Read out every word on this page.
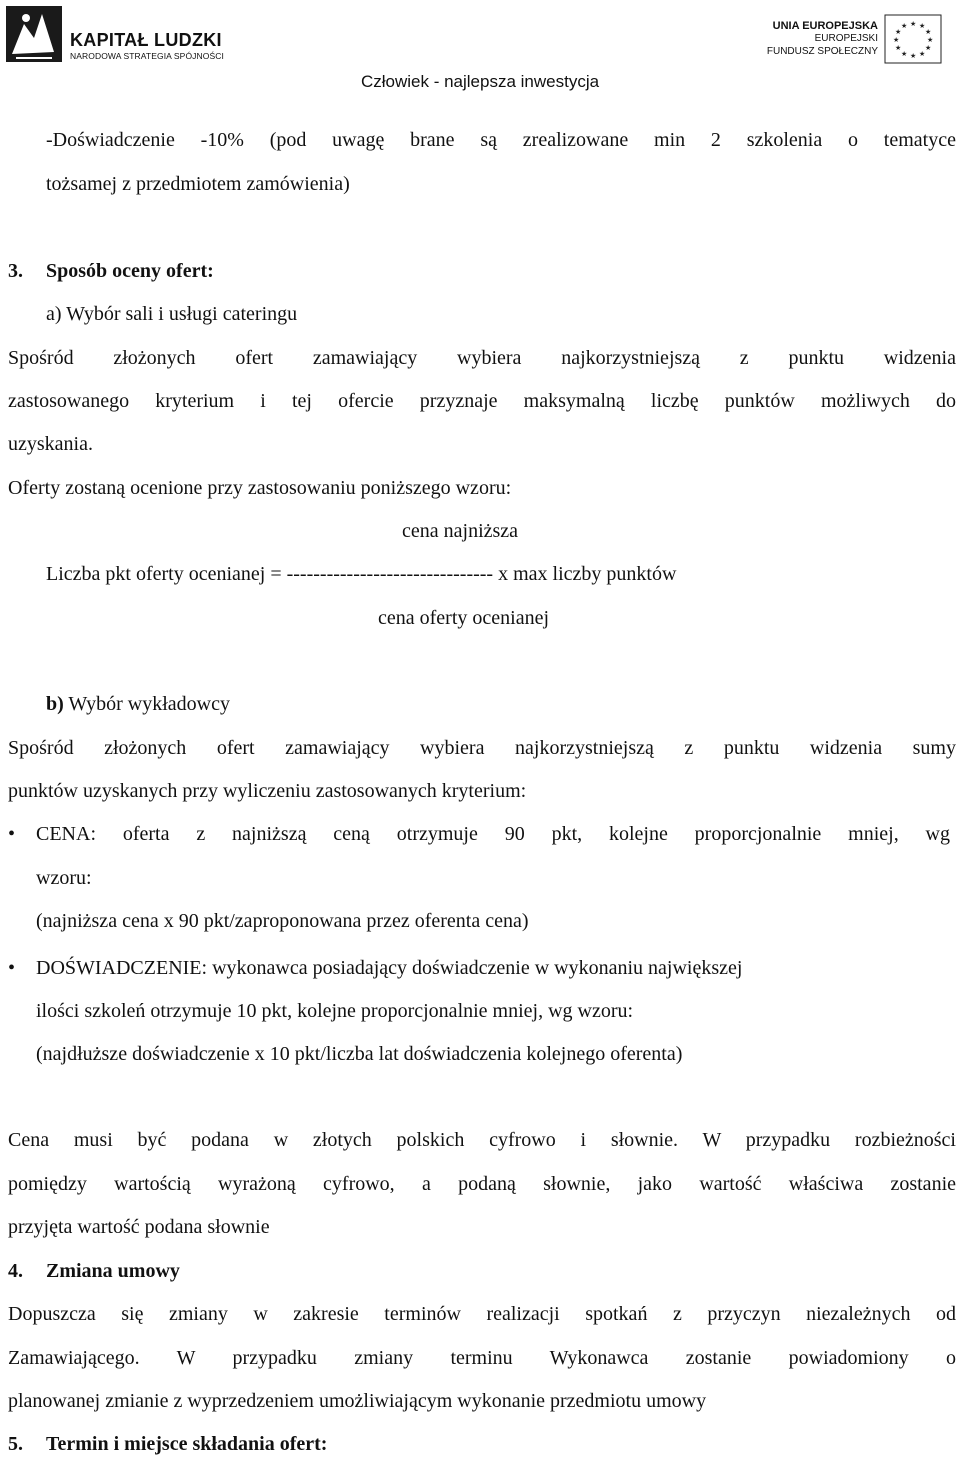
KAPITAŁ LUDZKI
NARODOWA STRATEGIA SPÓJNOŚCI
UNIA EUROPEJSKA
EUROPEJSKI
FUNDUSZ SPOŁECZNY
★ ★
★
★
★
★
★
★
★
★
★
★
Człowiek - najlepsza inwestycja
-Doświadczenie -10% (pod uwagę brane są zrealizowane min 2 szkolenia o tematyce
tożsamej z przedmiotem zamówienia)
3. Sposób oceny ofert:
a) Wybór sali i usługi cateringu
Spośród złożonych ofert zamawiający wybiera najkorzystniejszą z punktu widzenia
zastosowanego kryterium i tej ofercie przyznaje maksymalną liczbę punktów możliwych do
uzyskania.
Oferty zostaną ocenione przy zastosowaniu poniższego wzoru:
cena najniższa
Liczba pkt oferty ocenianej = ------------------------------- x max liczby punktów
cena oferty ocenianej
b) Wybór wykładowcy
Spośród złożonych ofert zamawiający wybiera najkorzystniejszą z punktu widzenia sumy
punktów uzyskanych przy wyliczeniu zastosowanych kryterium:
• CENA: oferta z najniższą ceną otrzymuje 90 pkt, kolejne proporcjonalnie mniej, wg
wzoru:
(najniższa cena x 90 pkt/zaproponowana przez oferenta cena)
• DOŚWIADCZENIE: wykonawca posiadający doświadczenie w wykonaniu największej
ilości szkoleń otrzymuje 10 pkt, kolejne proporcjonalnie mniej, wg wzoru:
(najdłuższe doświadczenie x 10 pkt/liczba lat doświadczenia kolejnego oferenta)
Cena musi być podana w złotych polskich cyfrowo i słownie. W przypadku rozbieżności
pomiędzy wartością wyrażoną cyfrowo, a podaną słownie, jako wartość właściwa zostanie
przyjęta wartość podana słownie
4. Zmiana umowy
Dopuszcza się zmiany w zakresie terminów realizacji spotkań z przyczyn niezależnych od
Zamawiającego. W przypadku zmiany terminu Wykonawca zostanie powiadomiony o
planowanej zmianie z wyprzedzeniem umożliwiającym wykonanie przedmiotu umowy
5. Termin i miejsce składania ofert:
